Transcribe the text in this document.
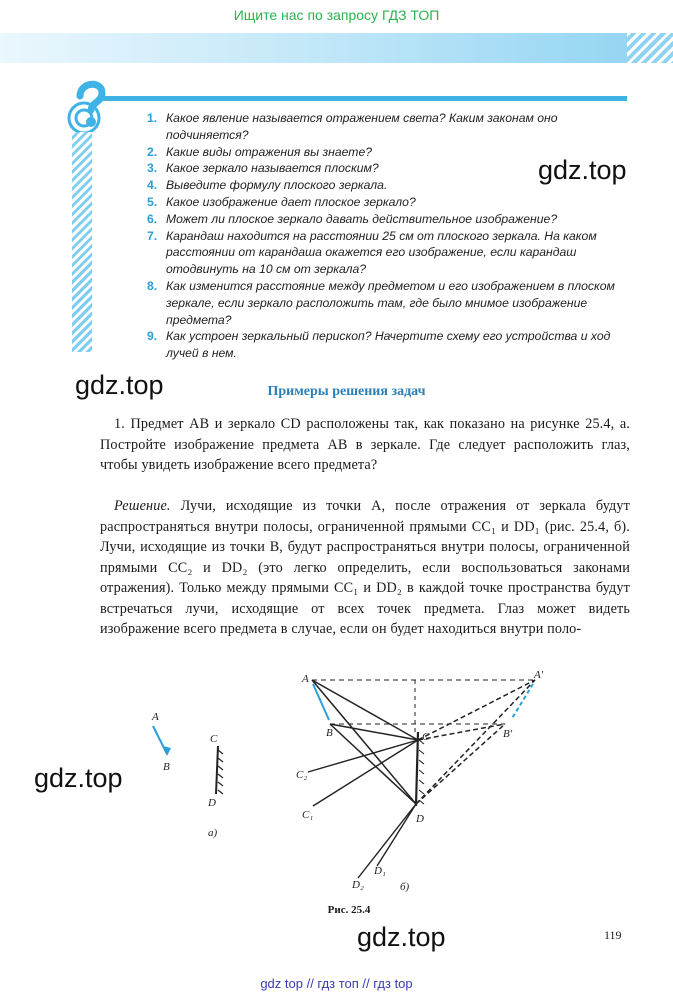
Ищите нас по запросу ГДЗ ТОП
1. Какое явление называется отражением света? Каким законам оно подчиняется?
2. Какие виды отражения вы знаете?
3. Какое зеркало называется плоским?
4. Выведите формулу плоского зеркала.
5. Какое изображение дает плоское зеркало?
6. Может ли плоское зеркало давать действительное изображение?
7. Карандаш находится на расстоянии 25 см от плоского зеркала. На каком расстоянии от карандаша окажется его изображение, если карандаш отодвинуть на 10 см от зеркала?
8. Как изменится расстояние между предметом и его изображением в плоском зеркале, если зеркало расположить там, где было мнимое изображение предмета?
9. Как устроен зеркальный перископ? Начертите схему его устройства и ход лучей в нем.
gdz.top
gdz.top
gdz.top
gdz.top
Примеры решения задач
1. Предмет AB и зеркало CD расположены так, как показано на рисунке 25.4, а. Постройте изображение предмета AB в зеркале. Где следует расположить глаз, чтобы увидеть изображение всего предмета?
Решение. Лучи, исходящие из точки A, после отражения от зеркала будут распространяться внутри полосы, ограниченной прямыми CC₁ и DD₁ (рис. 25.4, б). Лучи, исходящие из точки B, будут распространяться внутри полосы, ограниченной прямыми CC₂ и DD₂ (это легко определить, если воспользоваться законами отражения). Только между прямыми CC₁ и DD₂ в каждой точке пространства будут встречаться лучи, исходящие от всех точек предмета. Глаз может видеть изображение всего предмета в случае, если он будет находиться внутри поло-
A
B
C
D
а)
A	A'
B	B'
C
C₂
C₁	D
D₁
D₂	б)
Рис. 25.4
119
gdz top // гдз топ // гдз top
